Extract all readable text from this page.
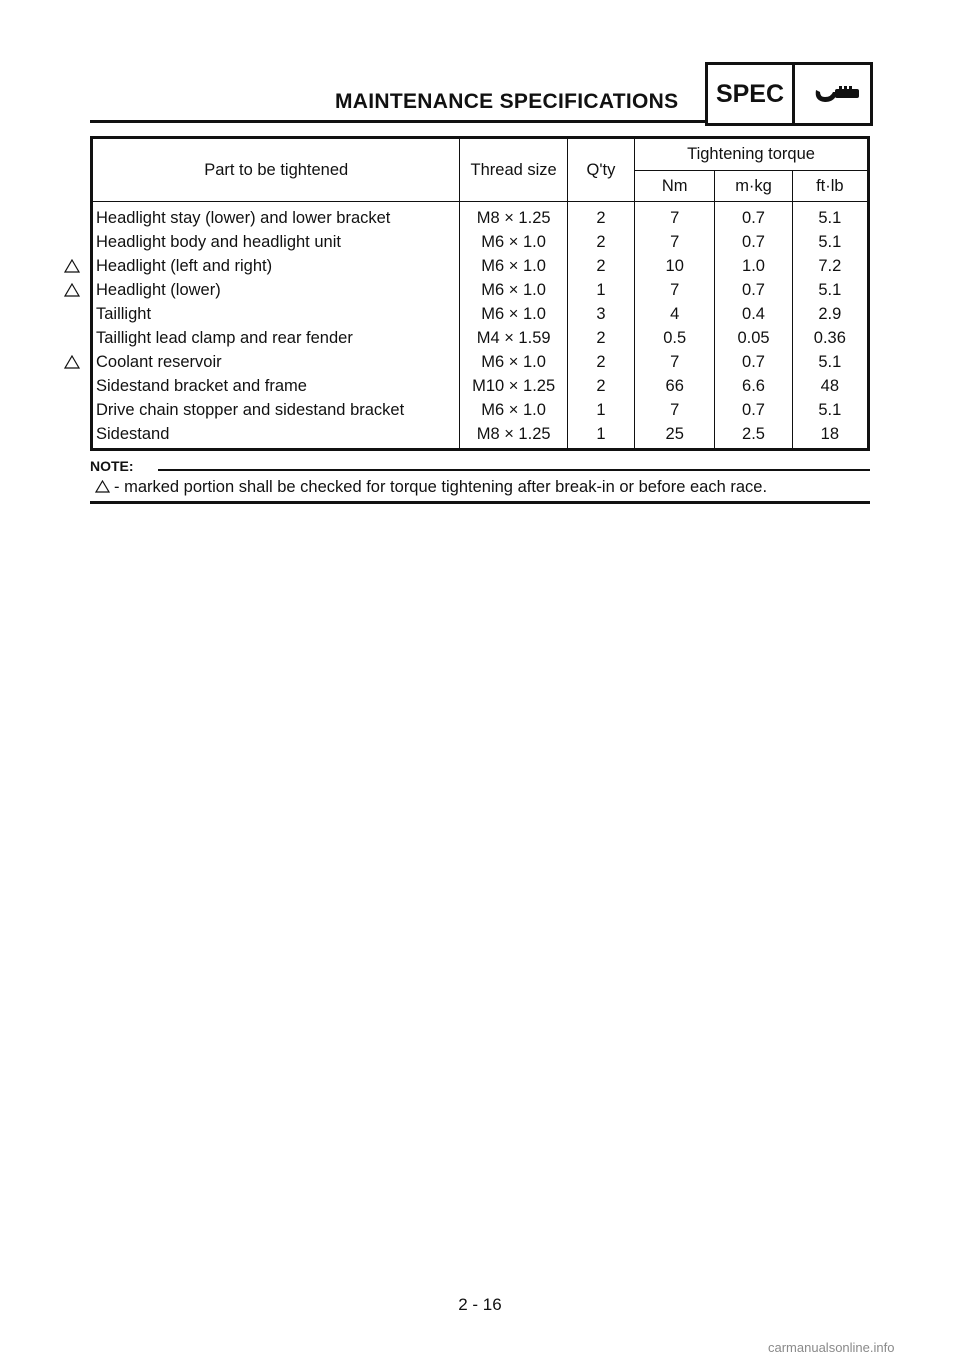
MAINTENANCE SPECIFICATIONS	SPEC
Part to be tightened	Thread size	Q'ty	Tightening torque		
			Nm	m·kg	ft·lb
Headlight stay (lower) and lower bracket	M8 × 1.25	2	7	0.7	5.1
Headlight body and headlight unit	M6 × 1.0	2	7	0.7	5.1
Headlight (left and right)	M6 × 1.0	2	10	1.0	7.2
Headlight (lower)	M6 × 1.0	1	7	0.7	5.1
Taillight	M6 × 1.0	3	4	0.4	2.9
Taillight lead clamp and rear fender	M4 × 1.59	2	0.5	0.05	0.36
Coolant reservoir	M6 × 1.0	2	7	0.7	5.1
Sidestand bracket and frame	M10 × 1.25	2	66	6.6	48
Drive chain stopper and sidestand bracket	M6 × 1.0	1	7	0.7	5.1
Sidestand	M8 × 1.25	1	25	2.5	18
NOTE:
- marked portion shall be checked for torque tightening after break-in or before each race.
2 - 16
carmanualsonline.info
